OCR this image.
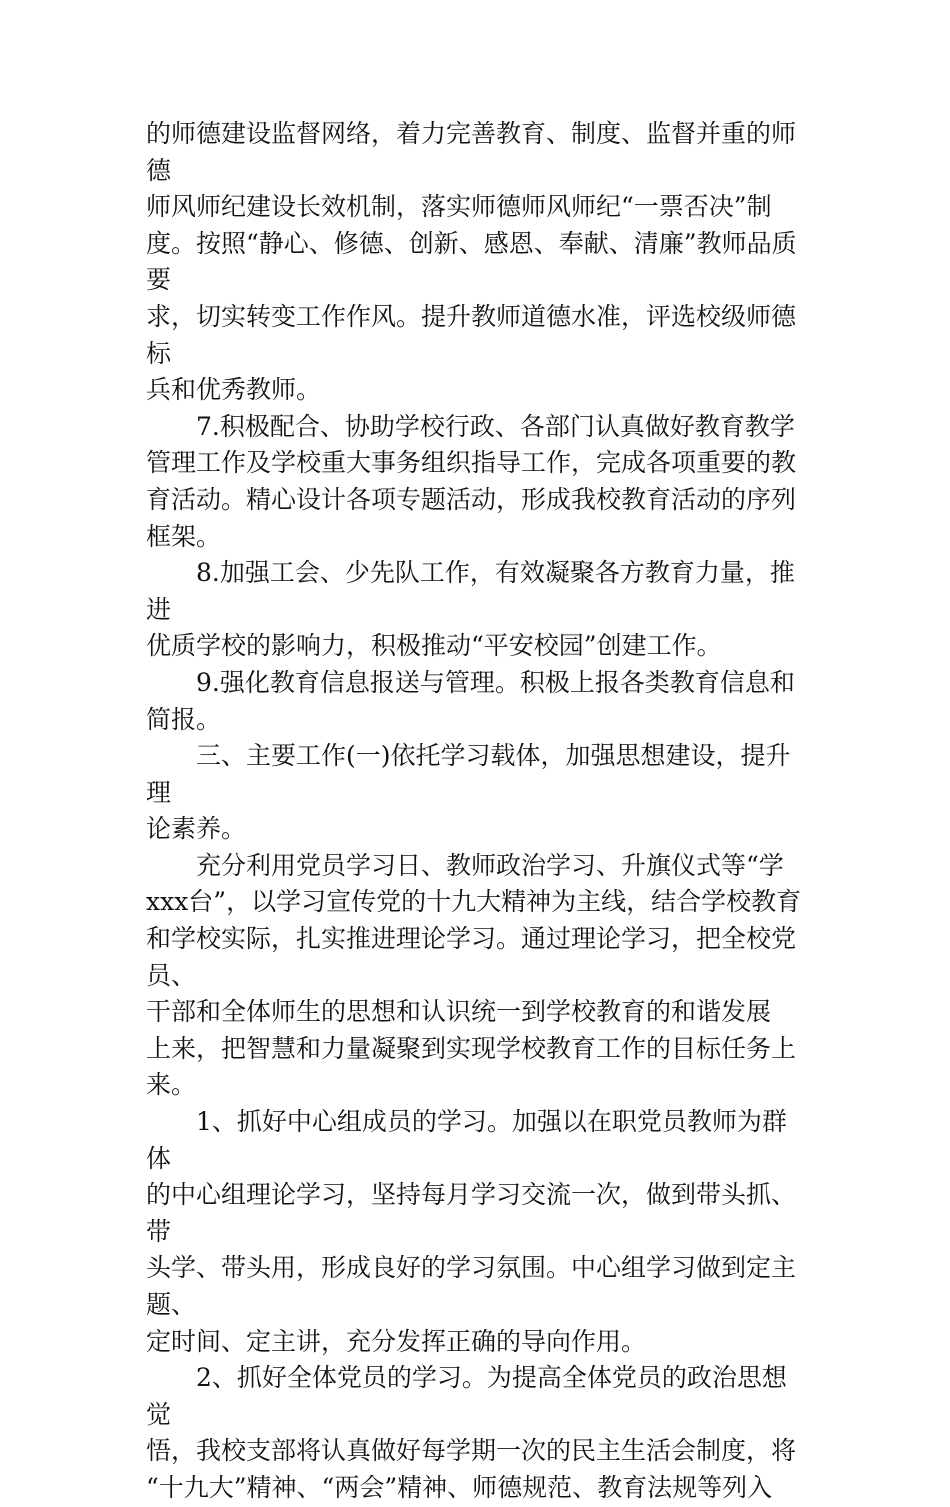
的师德建设监督网络，着力完善教育、制度、监督并重的师德
师风师纪建设长效机制，落实师德师风师纪“一票否决”制
度。按照“静心、修德、创新、感恩、奉献、清廉”教师品质要
求，切实转变工作作风。提升教师道德水准，评选校级师德标
兵和优秀教师。
7.积极配合、协助学校行政、各部门认真做好教育教学
管理工作及学校重大事务组织指导工作，完成各项重要的教
育活动。精心设计各项专题活动，形成我校教育活动的序列
框架。
8.加强工会、少先队工作，有效凝聚各方教育力量，推进
优质学校的影响力，积极推动“平安校园”创建工作。
9.强化教育信息报送与管理。积极上报各类教育信息和
简报。
三、主要工作(一)依托学习载体，加强思想建设，提升理
论素养。
充分利用党员学习日、教师政治学习、升旗仪式等“学
xxx台”，以学习宣传党的十九大精神为主线，结合学校教育
和学校实际，扎实推进理论学习。通过理论学习，把全校党员、
干部和全体师生的思想和认识统一到学校教育的和谐发展
上来，把智慧和力量凝聚到实现学校教育工作的目标任务上
来。
1、抓好中心组成员的学习。加强以在职党员教师为群体
的中心组理论学习，坚持每月学习交流一次，做到带头抓、带
头学、带头用，形成良好的学习氛围。中心组学习做到定主题、
定时间、定主讲，充分发挥正确的导向作用。
2、抓好全体党员的学习。为提高全体党员的政治思想觉
悟，我校支部将认真做好每学期一次的民主生活会制度，将
“十九大”精神、“两会”精神、师德规范、教育法规等列入
